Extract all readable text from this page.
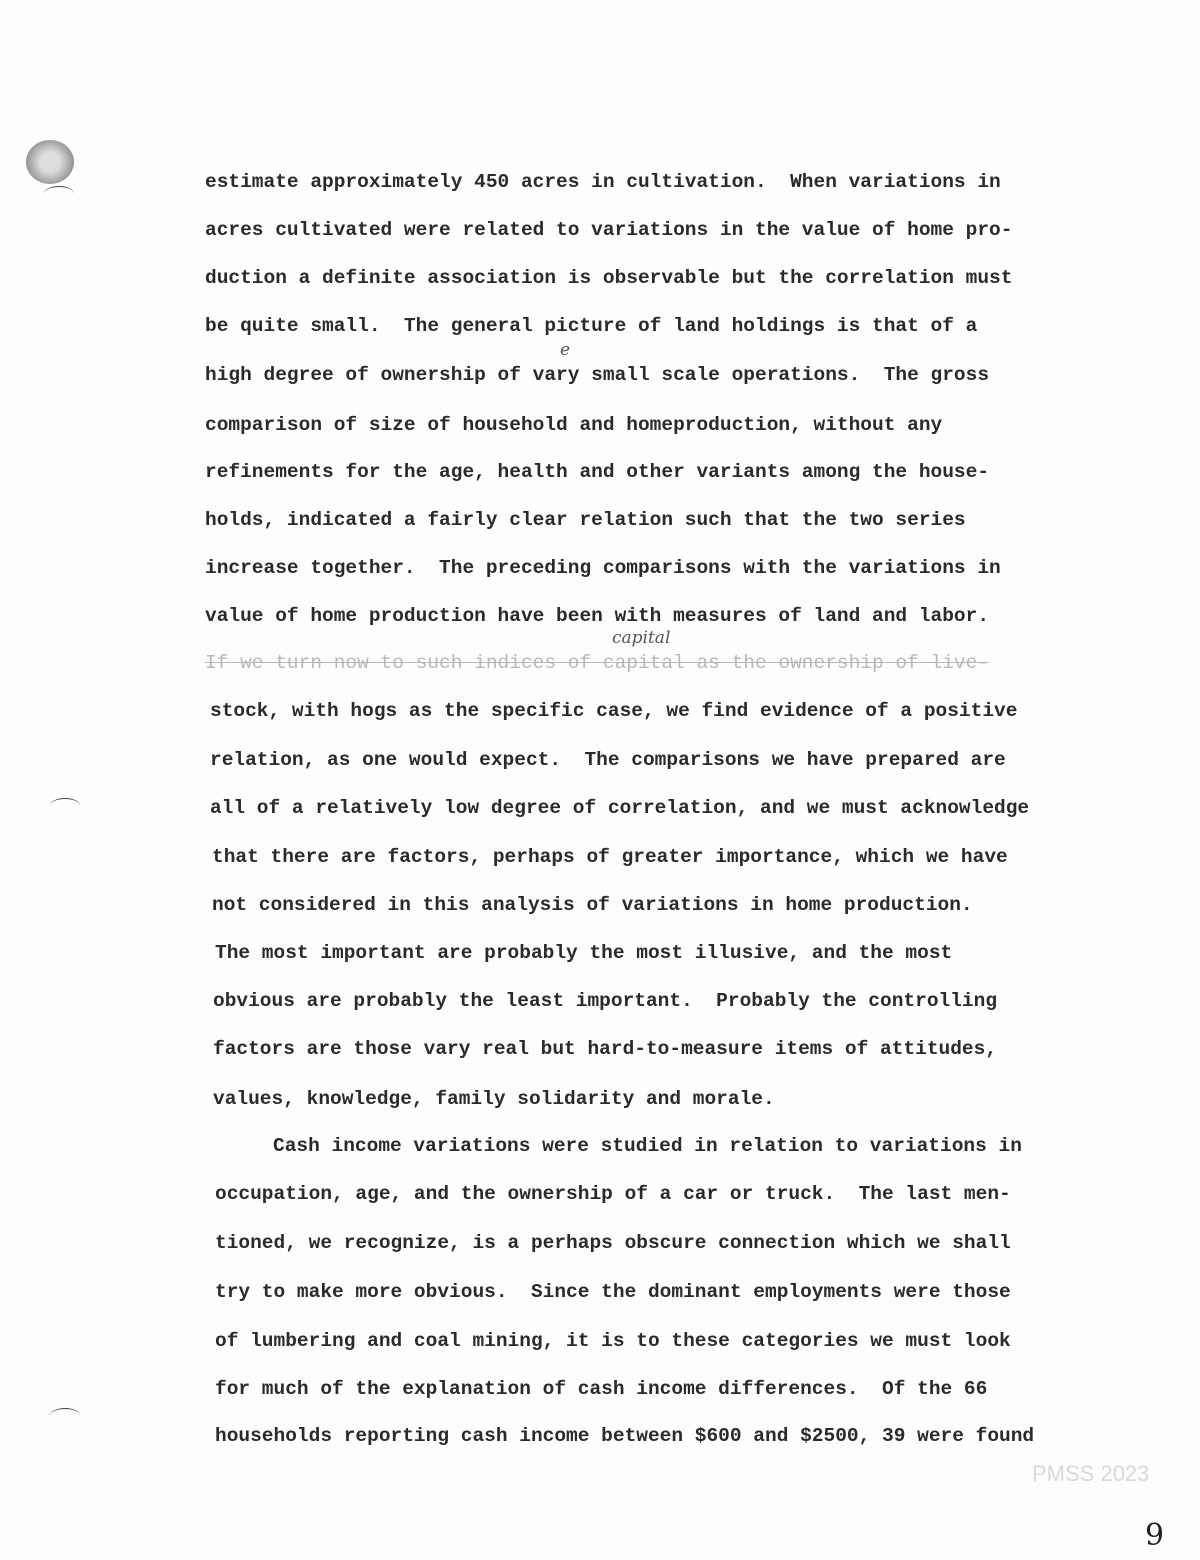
estimate approximately 450 acres in cultivation.  When variations in
acres cultivated were related to variations in the value of home pro-
duction a definite association is observable but the correlation must
be quite small.  The general picture of land holdings is that of a
high degree of ownership of vary small scale operations.  The gross
comparison of size of household and homeproduction, without any
refinements for the age, health and other variants among the house-
holds, indicated a fairly clear relation such that the two series
increase together.  The preceding comparisons with the variations in
value of home production have been with measures of land and labor.
If we turn now to such indices of capital as the ownership of live-
stock, with hogs as the specific case, we find evidence of a positive
relation, as one would expect.  The comparisons we have prepared are
all of a relatively low degree of correlation, and we must acknowledge
that there are factors, perhaps of greater importance, which we have
not considered in this analysis of variations in home production.
The most important are probably the most illusive, and the most
obvious are probably the least important.  Probably the controlling
factors are those vary real but hard-to-measure items of attitudes,
values, knowledge, family solidarity and morale.
Cash income variations were studied in relation to variations in
occupation, age, and the ownership of a car or truck.  The last men-
tioned, we recognize, is a perhaps obscure connection which we shall
try to make more obvious.  Since the dominant employments were those
of lumbering and coal mining, it is to these categories we must look
for much of the explanation of cash income differences.  Of the 66
households reporting cash income between $600 and $2500, 39 were found
e
capital
PMSS 2023
9
